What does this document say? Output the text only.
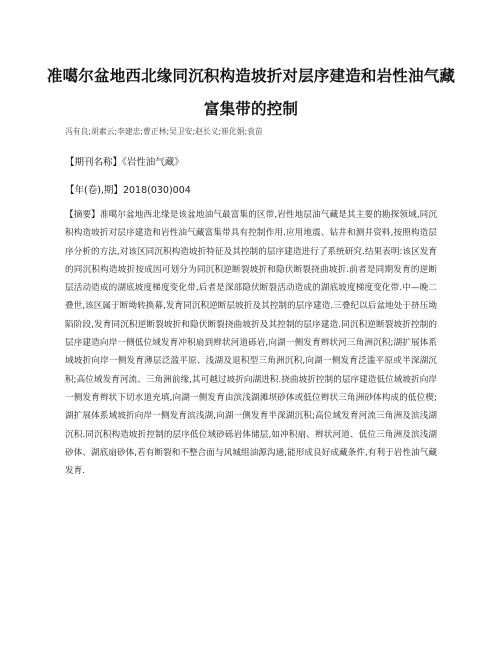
准噶尔盆地西北缘同沉积构造坡折对层序建造和岩性油气藏富集带的控制
冯有良;胡素云;李建忠;曹正林;吴卫安;赵长义;崔化娟;袁苗
【期刊名称】《岩性油气藏》
【年(卷),期】2018(030)004
【摘要】准噶尔盆地西北缘是该盆地油气最富集的区带,岩性地层油气藏是其主要的勘探领域,同沉积构造坡折对层序建造和岩性油气藏富集带具有控制作用.应用地震、钻井和测井资料,按照构造层序分析的方法,对该区同沉积构造坡折特征及其控制的层序建造进行了系统研究.结果表明:该区发育的同沉积构造坡折按成因可划分为同沉积逆断裂坡折和隐伏断裂挠曲坡折.前者是同期发育的逆断层活动造成的湖底坡度梯度变化带,后者是深部隐伏断裂活动造成的湖底坡度梯度变化带.中—晚二叠世,该区属于断坳转换幕,发育同沉积逆断层坡折及其控制的层序建造.三叠纪以后盆地处于挤压坳陷阶段,发育同沉积逆断裂坡折和隐伏断裂挠曲坡折及其控制的层序建造.同沉积逆断裂坡折控制的层序建造向岸一侧低位域发育冲积扇到辫状河道砾岩,向湖一侧发育辫状河三角洲沉积;湖扩展体系域坡折向岸一侧发育薄层泛滥平原、浅湖及退积型三角洲沉积,向湖一侧发育泛滥平原或半深湖沉积;高位域发育河流、三角洲前缘,其可越过坡折向湖进积.挠曲坡折控制的层序建造低位域坡折向岸一侧发育辫状下切水道充填,向湖一侧发育由滨浅湖滩坝砂体或低位辫状三角洲砂体构成的低位楔;湖扩展体系域坡折向岸一侧发育滨浅湖,向湖一侧发育半深湖沉积;高位域发育河流三角洲及滨浅湖沉积.同沉积构造坡折控制的层序低位域砂砾岩体储层,如冲积扇、辫状河道、低位三角洲及滨浅湖砂体、湖底扇砂体,若有断裂和不整合面与风城组油源沟通,能形成良好成藏条件,有利于岩性油气藏发育.
